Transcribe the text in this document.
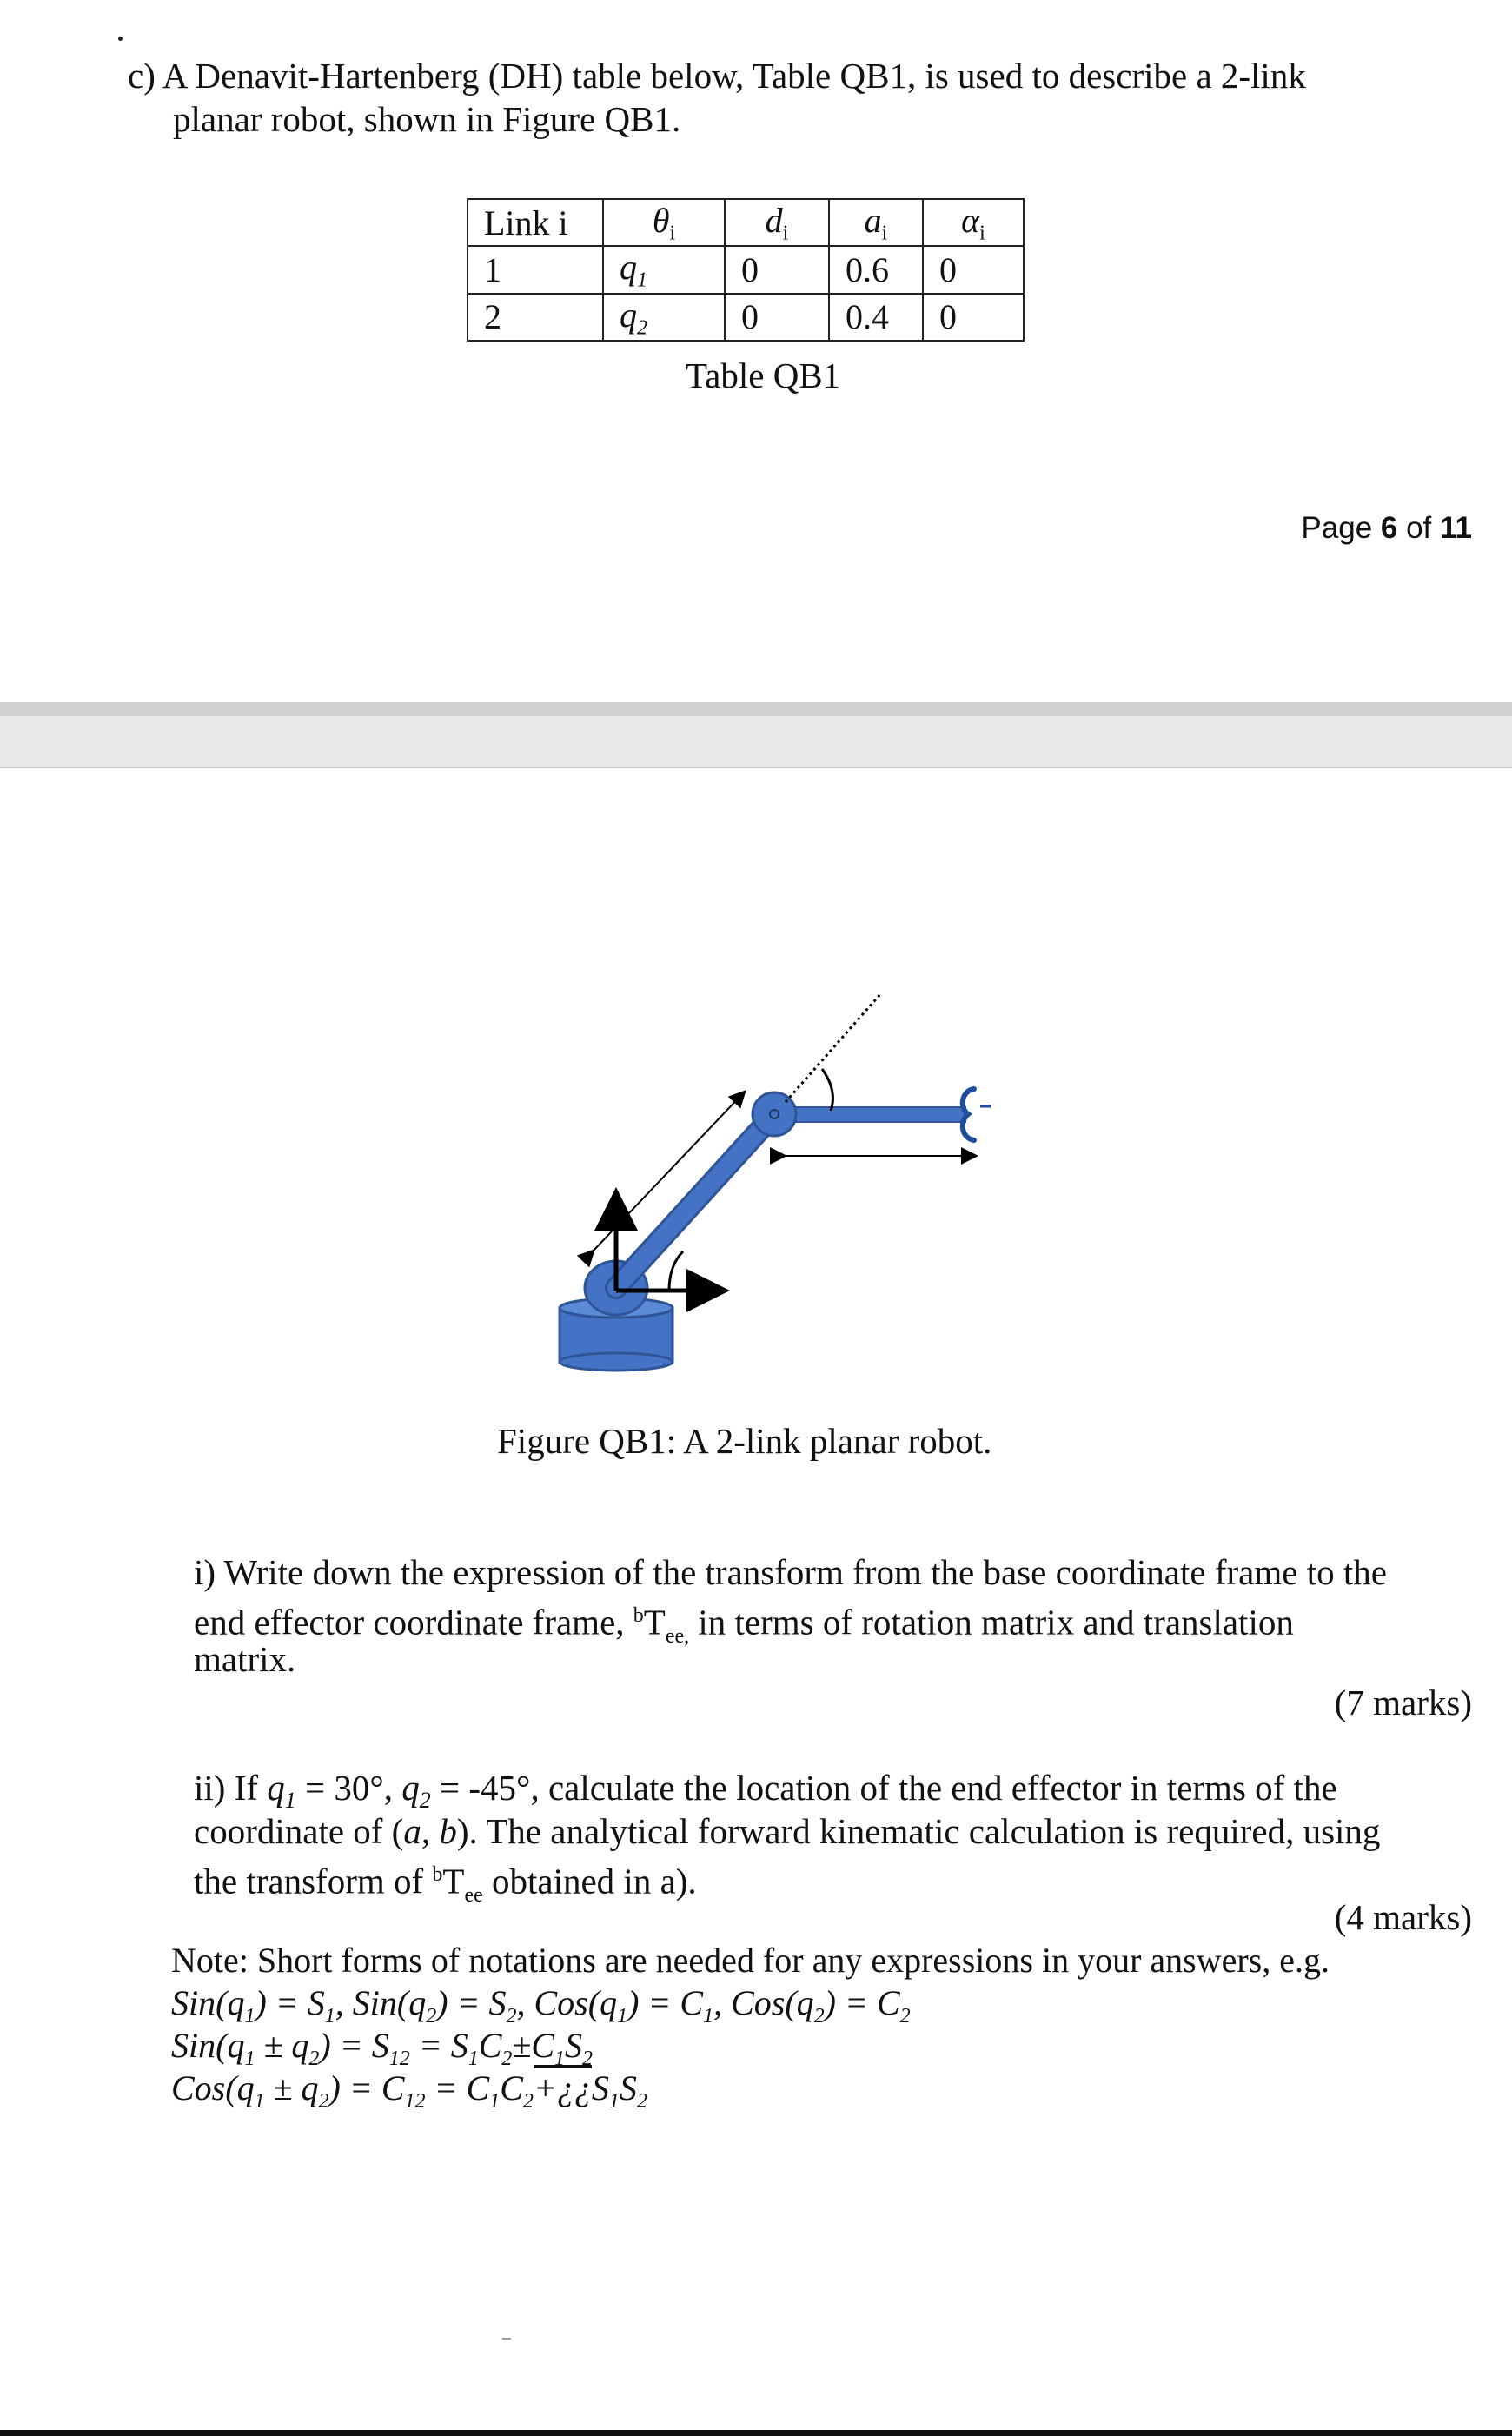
c) A Denavit-Hartenberg (DH) table below, Table QB1, is used to describe a 2-link
planar robot, shown in Figure QB1.
Link i	$\theta_i$	$d_i$	$a_i$	$\alpha_i$
1	$q_1$	0	0.6	0
2	$q_2$	0	0.4	0
Table QB1
Page 6 of 11
Figure QB1: A 2-link planar robot.
i) Write down the expression of the transform from the base coordinate frame to the
end effector coordinate frame, $^bT_{ee,}$ in terms of rotation matrix and translation
matrix.
(7 marks)
ii) If $q_1 = 30^\circ$, $q_2 = -45^\circ$, calculate the location of the end effector in terms of the
coordinate of (a, b). The analytical forward kinematic calculation is required, using
the transform of $^bT_{ee}$ obtained in a).
(4 marks)
Note: Short forms of notations are needed for any expressions in your answers, e.g.
$Sin(q_1) = S_1$, $Sin(q_2) = S_2$, $Cos(q_1) = C_1$, $Cos(q_2) = C_2$
$Sin(q_1 \pm q_2) = S_{12} = S_1C_2\pm C_1S_2$
$Cos(q_1 \pm q_2) = C_{12}$ = $C_1C_2+¿¿S_1S_2$
